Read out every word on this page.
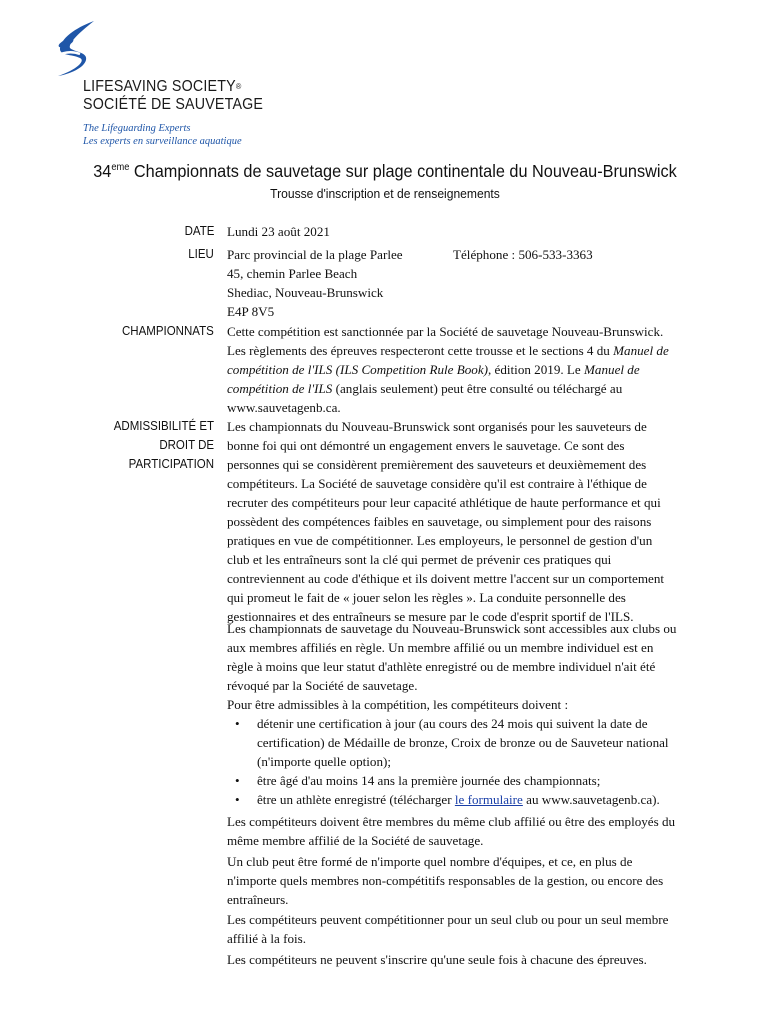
LIFESAVING SOCIETY®
SOCIÉTÉ DE SAUVETAGE
The Lifeguarding Experts
Les experts en surveillance aquatique
34eme Championnats de sauvetage sur plage continentale du Nouveau-Brunswick
Trousse d'inscription et de renseignements
DATE Lundi 23 août 2021
LIEU Parc provincial de la plage Parlee
45, chemin Parlee Beach
Shediac, Nouveau-Brunswick
E4P 8V5
Téléphone : 506-533-3363
CHAMPIONNATS Cette compétition est sanctionnée par la Société de sauvetage Nouveau-Brunswick.
Les règlements des épreuves respecteront cette trousse et le sections 4 du Manuel de
compétition de l'ILS (ILS Competition Rule Book), édition 2019. Le Manuel de
compétition de l'ILS (anglais seulement) peut être consulté ou téléchargé au
www.sauvetagenb.ca.
ADMISSIBILITÉ ET
DROIT DE
PARTICIPATION
Les championnats du Nouveau-Brunswick sont organisés pour les sauveteurs de
bonne foi qui ont démontré un engagement envers le sauvetage. Ce sont des
personnes qui se considèrent premièrement des sauveteurs et deuxièmement des
compétiteurs. La Société de sauvetage considère qu'il est contraire à l'éthique de
recruter des compétiteurs pour leur capacité athlétique de haute performance et qui
possèdent des compétences faibles en sauvetage, ou simplement pour des raisons
pratiques en vue de compétitionner. Les employeurs, le personnel de gestion d'un
club et les entraîneurs sont la clé qui permet de prévenir ces pratiques qui
contreviennent au code d'éthique et ils doivent mettre l'accent sur un comportement
qui promeut le fait de « jouer selon les règles ». La conduite personnelle des
gestionnaires et des entraîneurs se mesure par le code d'esprit sportif de l'ILS.
Les championnats de sauvetage du Nouveau-Brunswick sont accessibles aux clubs ou
aux membres affiliés en règle. Un membre affilié ou un membre individuel est en
règle à moins que leur statut d'athlète enregistré ou de membre individuel n'ait été
révoqué par la Société de sauvetage.
Pour être admissibles à la compétition, les compétiteurs doivent :
• détenir une certification à jour (au cours des 24 mois qui suivent la date de
certification) de Médaille de bronze, Croix de bronze ou de Sauveteur national
(n'importe quelle option);
• être âgé d'au moins 14 ans la première journée des championnats;
• être un athlète enregistré (télécharger le formulaire au www.sauvetagenb.ca).
Les compétiteurs doivent être membres du même club affilié ou être des employés du
même membre affilié de la Société de sauvetage.
Un club peut être formé de n'importe quel nombre d'équipes, et ce, en plus de
n'importe quels membres non-compétitifs responsables de la gestion, ou encore des
entraîneurs.
Les compétiteurs peuvent compétitionner pour un seul club ou pour un seul membre
affilié à la fois.
Les compétiteurs ne peuvent s'inscrire qu'une seule fois à chacune des épreuves.
